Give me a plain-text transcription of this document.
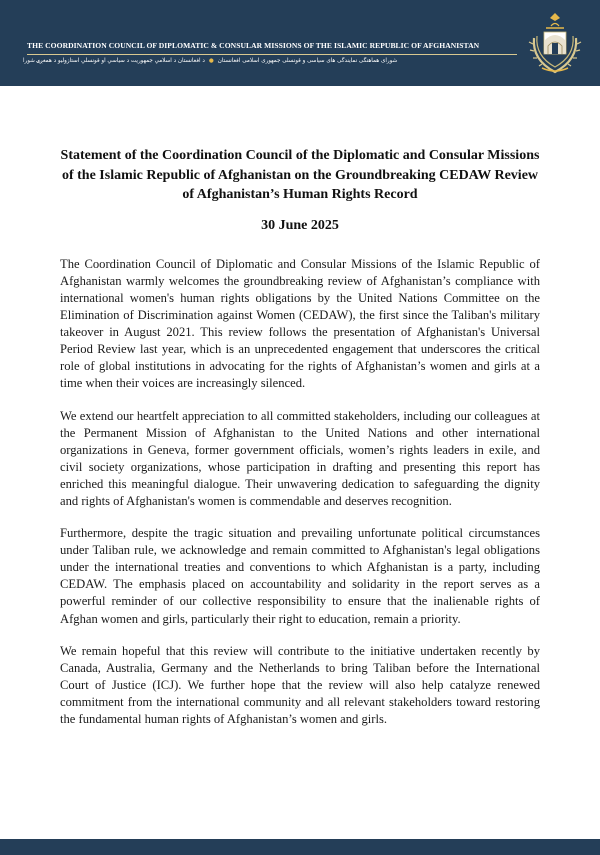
THE COORDINATION COUNCIL OF DIPLOMATIC & CONSULAR MISSIONS OF THE ISLAMIC REPUBLIC OF AFGHANISTAN
شورای هماهنگی نمایندگی های سیاسی و قونسلی جمهوری اسلامی افغانستان●د افغانستان د اسلامي جمهوريت د سياسي او قونسلي استازوليو د همغږۍ شورا

Statement of the Coordination Council of the Diplomatic and Consular Missions of the Islamic Republic of Afghanistan on the Groundbreaking CEDAW Review of Afghanistan’s Human Rights Record

30 June 2025

The Coordination Council of Diplomatic and Consular Missions of the Islamic Republic of Afghanistan warmly welcomes the groundbreaking review of Afghanistan’s compliance with international women's human rights obligations by the United Nations Committee on the Elimination of Discrimination against Women (CEDAW), the first since the Taliban's military takeover in August 2021. This review follows the presentation of Afghanistan's Universal Period Review last year, which is an unprecedented engagement that underscores the critical role of global institutions in advocating for the rights of Afghanistan’s women and girls at a time when their voices are increasingly silenced.

We extend our heartfelt appreciation to all committed stakeholders, including our colleagues at the Permanent Mission of Afghanistan to the United Nations and other international organizations in Geneva, former government officials, women’s rights leaders in exile, and civil society organizations, whose participation in drafting and presenting this report has enriched this meaningful dialogue. Their unwavering dedication to safeguarding the dignity and rights of Afghanistan's women is commendable and deserves recognition.

Furthermore, despite the tragic situation and prevailing unfortunate political circumstances under Taliban rule, we acknowledge and remain committed to Afghanistan's legal obligations under the international treaties and conventions to which Afghanistan is a party, including CEDAW. The emphasis placed on accountability and solidarity in the report serves as a powerful reminder of our collective responsibility to ensure that the inalienable rights of Afghan women and girls, particularly their right to education, remain a priority.

We remain hopeful that this review will contribute to the initiative undertaken recently by Canada, Australia, Germany and the Netherlands to bring Taliban before the International Court of Justice (ICJ). We further hope that the review will also help catalyze renewed commitment from the international community and all relevant stakeholders toward restoring the fundamental human rights of Afghanistan’s women and girls.
